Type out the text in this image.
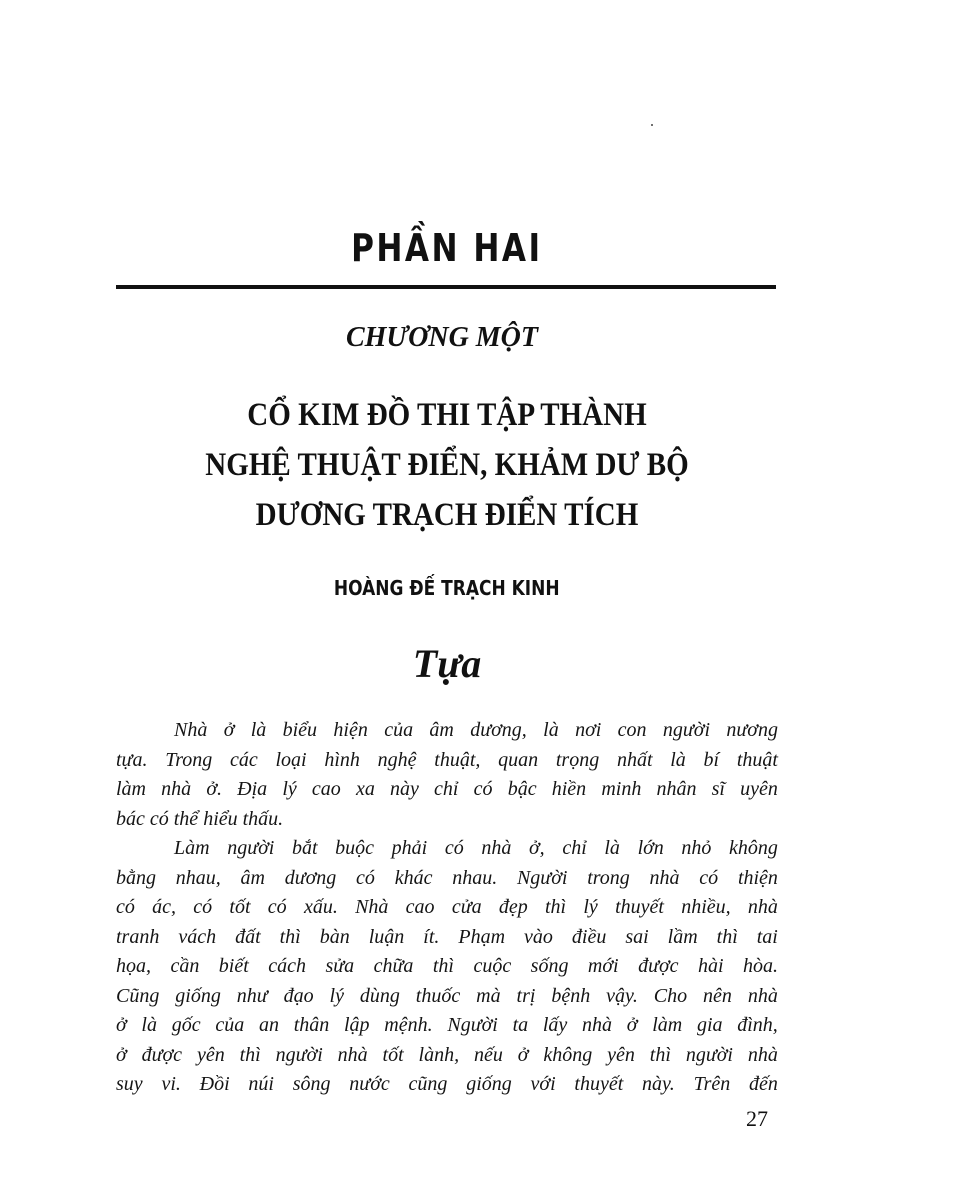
PHẦN HAI
CHƯƠNG MỘT
CỔ KIM ĐỒ THI TẬP THÀNH
NGHỆ THUẬT ĐIỂN, KHẢM DƯ BỘ
DƯƠNG TRẠCH ĐIỂN TÍCH
HOÀNG ĐẾ TRẠCH KINH
Tựa
Nhà ở là biểu hiện của âm dương, là nơi con người nương
tựa. Trong các loại hình nghệ thuật, quan trọng nhất là bí thuật
làm nhà ở. Địa lý cao xa này chỉ có bậc hiền minh nhân sĩ uyên
bác có thể hiểu thấu.
Làm người bắt buộc phải có nhà ở, chỉ là lớn nhỏ không
bằng nhau, âm dương có khác nhau. Người trong nhà có thiện
có ác, có tốt có xấu. Nhà cao cửa đẹp thì lý thuyết nhiều, nhà
tranh vách đất thì bàn luận ít. Phạm vào điều sai lầm thì tai
họa, cần biết cách sửa chữa thì cuộc sống mới được hài hòa.
Cũng giống như đạo lý dùng thuốc mà trị bệnh vậy. Cho nên nhà
ở là gốc của an thân lập mệnh. Người ta lấy nhà ở làm gia đình,
ở được yên thì người nhà tốt lành, nếu ở không yên thì người nhà
suy vi. Đồi núi sông nước cũng giống với thuyết này. Trên đến
27
